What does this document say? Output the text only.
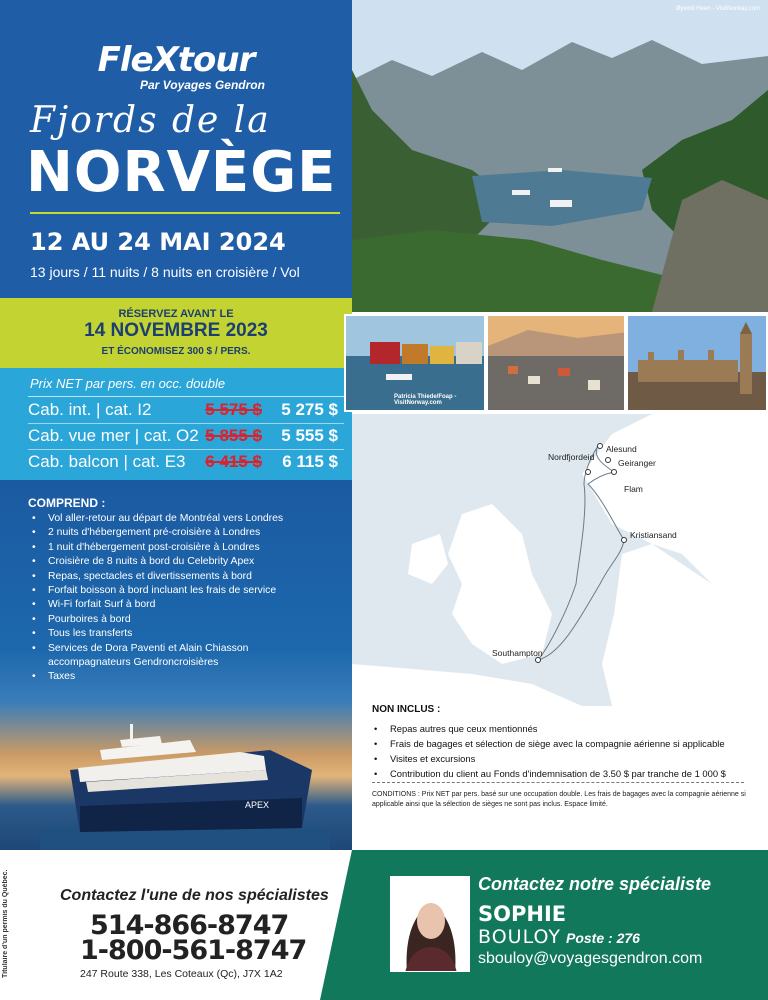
FleXtour
Par Voyages Gendron
Fjords de la
NORVÈGE
12 AU 24 MAI 2024
13 jours / 11 nuits / 8 nuits en croisière / Vol
RÉSERVEZ AVANT LE
14 NOVEMBRE 2023
ET ÉCONOMISEZ 300 $ / PERS.
Prix NET par pers. en occ. double
Cab. int. | cat. I2	5 575 $ 5 275 $
Cab. vue mer | cat. O2 5 855 $ 5 555 $
Cab. balcon | cat. E3 6 415 $ 6 115 $
COMPREND :
• Vol aller-retour au départ de Montréal vers Londres
• 2 nuits d'hébergement pré-croisière à Londres
• 1 nuit d'hébergement post-croisière à Londres
• Croisière de 8 nuits à bord du Celebrity Apex
• Repas, spectacles et divertissements à bord
• Forfait boisson à bord incluant les frais de service
• Wi-Fi forfait Surf à bord
• Pourboires à bord
• Tous les transferts
• Services de Dora Paventi et Alain Chiasson accompagnateurs Gendroncroisières
• Taxes
APEX
Øyvind Heen - VisitNorway.com
Patricia Thiede/Foap - VisitNorway.com
Nordfjordeid
Alesund
Geiranger
Flam
Kristiansand
Southampton
NON INCLUS :
• Repas autres que ceux mentionnés
• Frais de bagages et sélection de siège avec la compagnie aérienne si applicable
• Visites et excursions
• Contribution du client au Fonds d'indemnisation de 3.50 $ par tranche de 1 000 $
CONDITIONS : Prix NET par pers. basé sur une occupation double. Les frais de bagages avec la compagnie aérienne si applicable ainsi que la sélection de sièges ne sont pas inclus. Espace limité.
Titulaire d'un permis du Québec.	Contactez l'une de nos spécialistes
514-866-8747
1-800-561-8747
247 Route 338, Les Coteaux (Qc), J7X 1A2
Contactez notre spécialiste
SOPHIE
BOULOY Poste : 276
sbouloy@voyagesgendron.com
